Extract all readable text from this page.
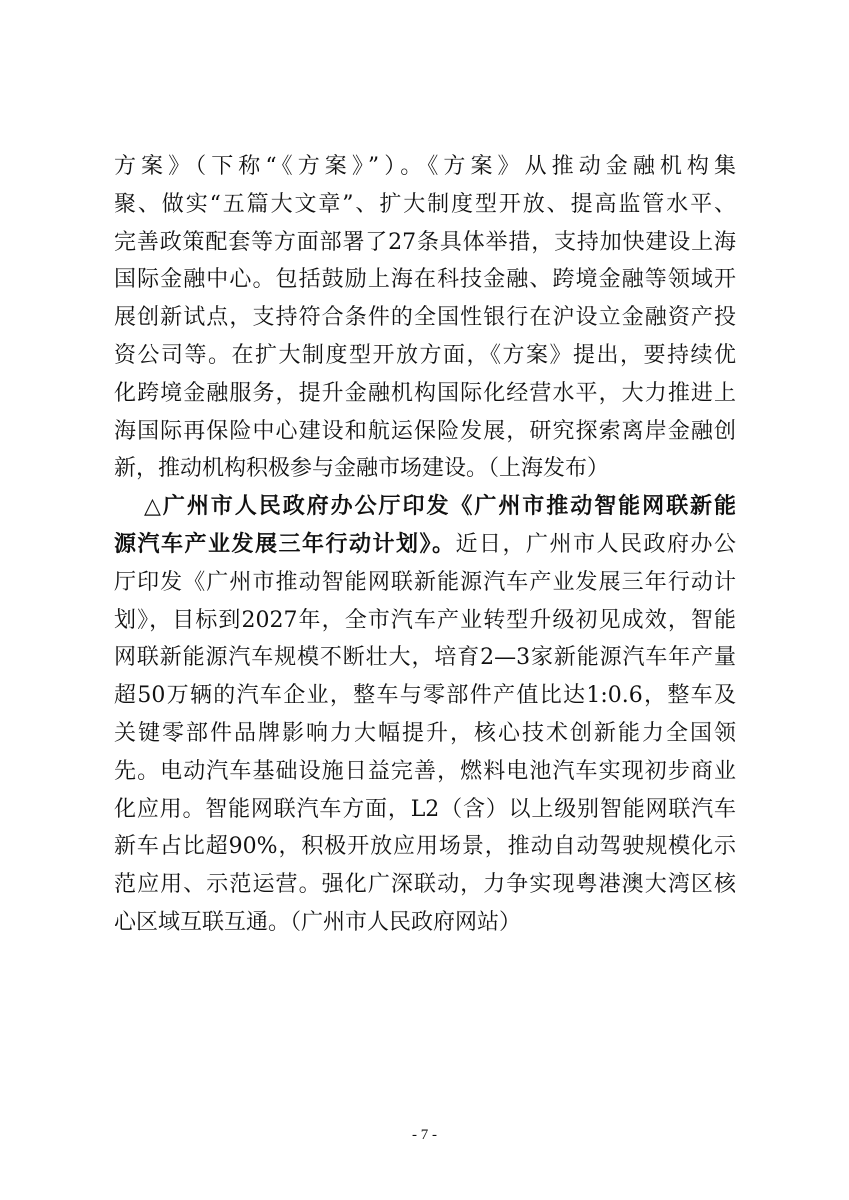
方案》（下称“《方案》”）。《方案》从推动金融机构集
聚、做实“五篇大文章”、扩大制度型开放、提高监管水平、
完善政策配套等方面部署了27条具体举措，支持加快建设上海
国际金融中心。包括鼓励上海在科技金融、跨境金融等领域开
展创新试点，支持符合条件的全国性银行在沪设立金融资产投
资公司等。在扩大制度型开放方面，《方案》提出，要持续优
化跨境金融服务，提升金融机构国际化经营水平，大力推进上
海国际再保险中心建设和航运保险发展，研究探索离岸金融创
新，推动机构积极参与金融市场建设。（上海发布）
△广州市人民政府办公厅印发《广州市推动智能网联新能
源汽车产业发展三年行动计划》。近日，广州市人民政府办公
厅印发《广州市推动智能网联新能源汽车产业发展三年行动计
划》，目标到2027年，全市汽车产业转型升级初见成效，智能
网联新能源汽车规模不断壮大，培育2—3家新能源汽车年产量
超50万辆的汽车企业，整车与零部件产值比达1:0.6，整车及
关键零部件品牌影响力大幅提升，核心技术创新能力全国领
先。电动汽车基础设施日益完善，燃料电池汽车实现初步商业
化应用。智能网联汽车方面，L2（含）以上级别智能网联汽车
新车占比超90%，积极开放应用场景，推动自动驾驶规模化示
范应用、示范运营。强化广深联动，力争实现粤港澳大湾区核
心区域互联互通。（广州市人民政府网站）
- 7 -
